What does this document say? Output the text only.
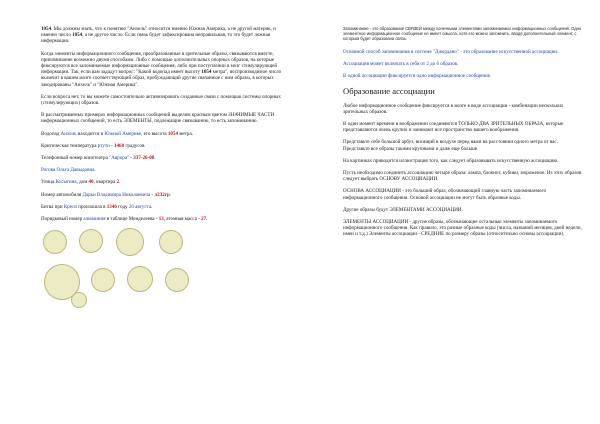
1054. Мы должны знать, что к понятию "Анхель" относится именно Южная Америка, а не другой материк, и именно число 1054, а не другое число. Если связь будет зафиксирована неправильная, то это будет ложная информация.

Когда элементы информационного сообщения, преобразованные в зрительные образы, связываются вместе, припоминание возможно двумя способами. Либо с помощью дополнительных опорных образов, на которые фиксируются все запоминаемые информационные сообщения, либо при поступлении в мозг стимулирующей информации. Так, если вам зададут вопрос: "Какой водопад имеет высоту 1054 метра", воспроизводимое число включит в вашем мозге соответствующий образ, пробуждающий другие связанные с ним образы, в которых закодированы "Анхель" и "Южная Америка".

Если вопроса нет, то вы можете самостоятельно активизировать созданные связи с помощью системы опорных (стимулирующих) образов.

В рассматриваемых примерах информационных сообщений выделим красным цветом ЗНАЧИМЫЕ ЧАСТИ информационных сообщений, то есть ЭЛЕМЕНТЫ, подлежащие связыванию, то есть запоминанию.

Водопад Анхель находится в Южной Америке, его высота 1054 метра.

Критическая температура ртути - 1460 градусов.

Телефонный номер кинотеатра "Аврора" - 337-26-00.

Рогова Ольга Давыдовна.

Улица Косыгина, дом 40, квартира 2.

Номер автомобиля Дарьи Владимира Николаевича - л232гр.

Битва при Креси произошла в 1346 году 26 августа.

Порядковый номер алюминия в таблице Менделеева - 13, атомная масса - 27.

Запоминание - это образование СВЯЗЕЙ между конечными элементами запоминаемых информационных сообщений. Одно элементное информационное сообщение не имеет смысла, хотя его можно запомнить, вводя дополнительный элемент, с которым будет образована связь.

Основной способ запоминания в системе "Джордано" - это образование искусственной ассоциации.

Ассоциация может включать в себя от 2 до 6 образов.

В одной ассоциации фиксируется одно информационное сообщение.

Образование ассоциации

Любое информационное сообщение фиксируется в мозге в виде ассоциации - комбинации нескольких зрительных образов.

В один момент времени в воображении соединяются ТОЛЬКО ДВА ЗРИТЕЛЬНЫХ ОБРАЗА, которые представляются очень крупно и занимают все пространство вашего воображения.

Представьте себе большой арбуз, висящий в воздухе перед вами на расстоянии одного метра от вас. Представьте все образы такими крупными и даже еще больше.

На картинках приводится иллюстрация того, как следует образовывать искусственную ассоциацию.

Пусть необходимо соединить ассоциацию четыре образа: лампа, блокнот, кубики, мороженое. Из этих образов следует выбрать ОСНОВУ АССОЦИАЦИИ.

ОСНОВА АССОЦИАЦИИ - это больший образ, обозначающий главную часть запоминаемого информационного сообщения. Основой ассоциации не могут быть образные коды.

Другие образы будут ЭЛЕМЕНТАМИ АССОЦИАЦИИ.

ЭЛЕМЕНТЫ АССОЦИАЦИИ - другие образы, обозначающие остальные элементы запоминаемого информационного сообщения. Как правило, это разные образные коды (числа, названий месяцев, дней недели, имен и т.д.) Элементы ассоциации - СРЕДНИЕ по размеру образы (относительно основы ассоциации).
